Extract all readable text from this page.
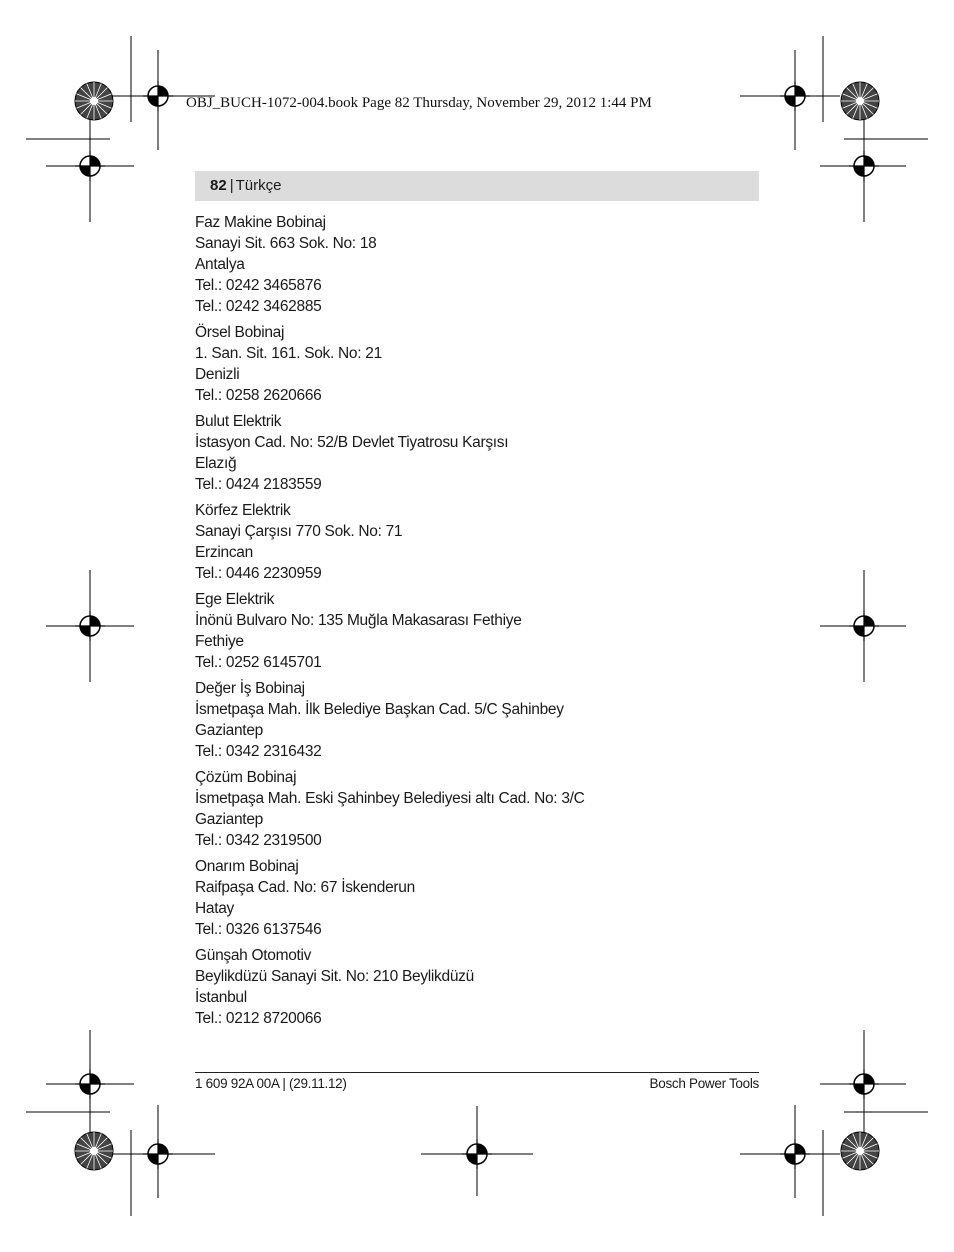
OBJ_BUCH-1072-004.book Page 82 Thursday, November 29, 2012 1:44 PM
82 | Türkçe
Faz Makine Bobinaj
Sanayi Sit. 663 Sok. No: 18
Antalya
Tel.: 0242 3465876
Tel.: 0242 3462885
Örsel Bobinaj
1. San. Sit. 161. Sok. No: 21
Denizli
Tel.: 0258 2620666
Bulut Elektrik
İstasyon Cad. No: 52/B Devlet Tiyatrosu Karşısı
Elazığ
Tel.: 0424 2183559
Körfez Elektrik
Sanayi Çarşısı 770 Sok. No: 71
Erzincan
Tel.: 0446 2230959
Ege Elektrik
İnönü Bulvaro No: 135 Muğla Makasarası Fethiye
Fethiye
Tel.: 0252 6145701
Değer İş Bobinaj
İsmetpaşa Mah. İlk Belediye Başkan Cad. 5/C Şahinbey
Gaziantep
Tel.: 0342 2316432
Çözüm Bobinaj
İsmetpaşa Mah. Eski Şahinbey Belediyesi altı Cad. No: 3/C
Gaziantep
Tel.: 0342 2319500
Onarım Bobinaj
Raifpaşa Cad. No: 67 İskenderun
Hatay
Tel.: 0326 6137546
Günşah Otomotiv
Beylikdüzü Sanayi Sit. No: 210 Beylikdüzü
İstanbul
Tel.: 0212 8720066
1 609 92A 00A | (29.11.12)	Bosch Power Tools
